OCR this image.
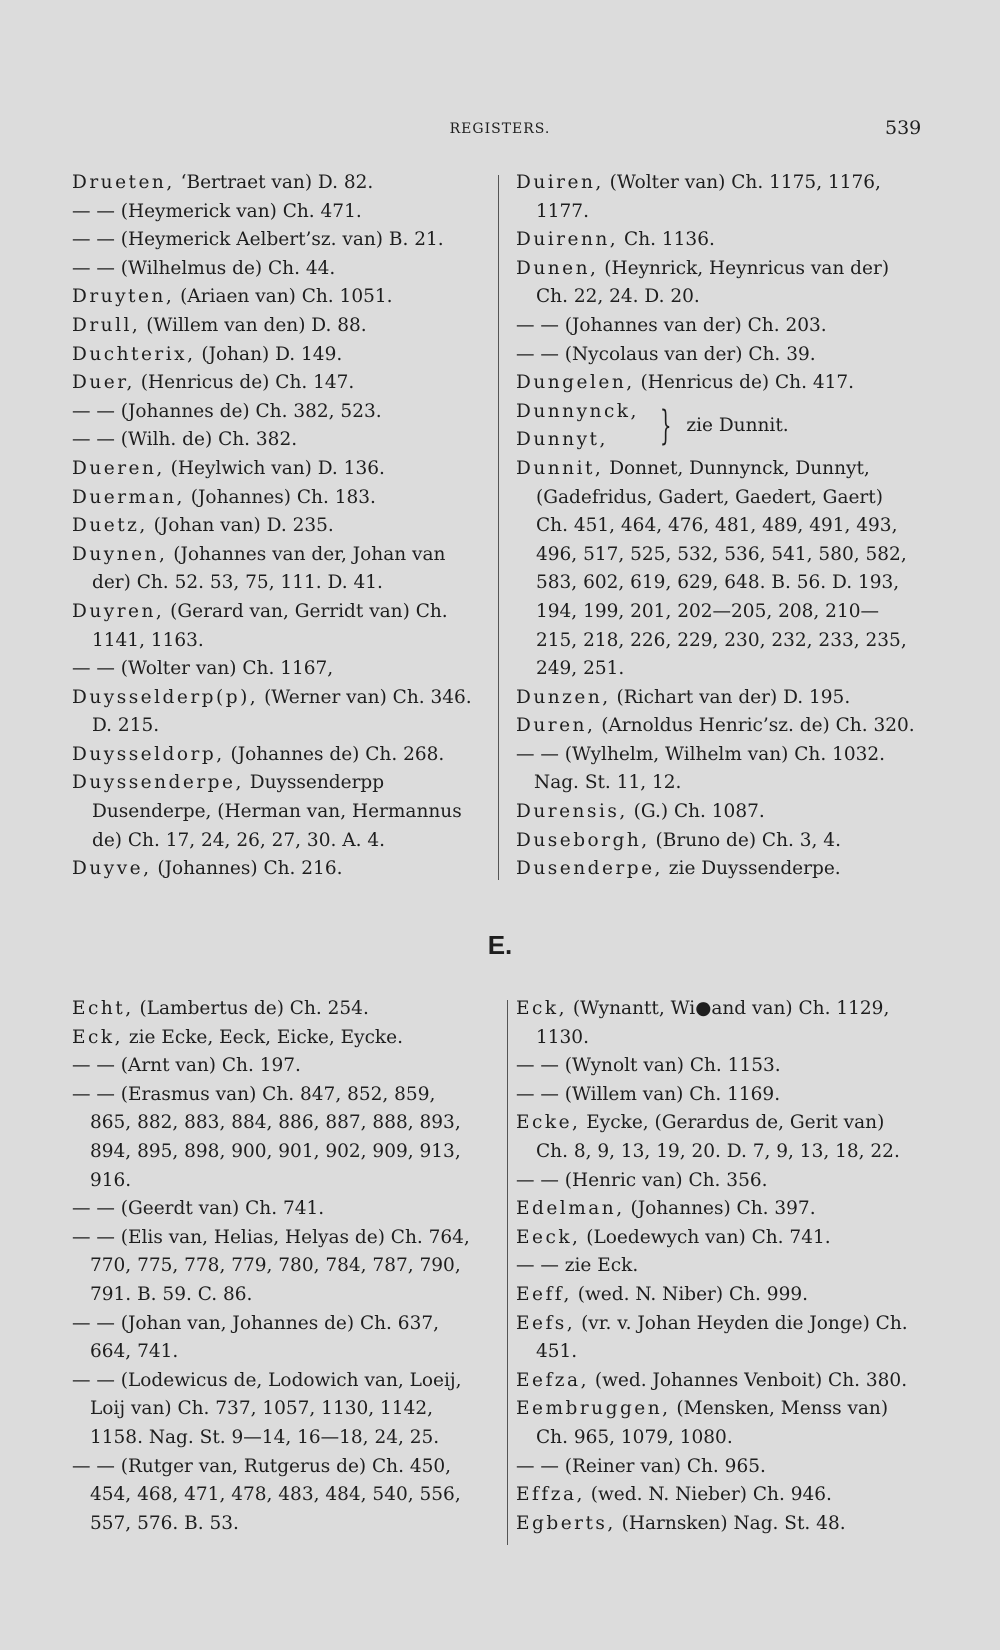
REGISTERS.	539
Drueten, ‘Bertraet van) D. 82.
— — (Heymerick van) Ch. 471.
— — (Heymerick Aelbert’sz. van) B. 21.
— — (Wilhelmus de) Ch. 44.
Druyten, (Ariaen van) Ch. 1051.
Drull, (Willem van den) D. 88.
Duchterix, (Johan) D. 149.
Duer, (Henricus de) Ch. 147.
— — (Johannes de) Ch. 382, 523.
— — (Wilh. de) Ch. 382.
Dueren, (Heylwich van) D. 136.
Duerman, (Johannes) Ch. 183.
Duetz, (Johan van) D. 235.
Duynen, (Johannes van der, Johan van der) Ch. 52. 53, 75, 111. D. 41.
Duyren, (Gerard van, Gerridt van) Ch. 1141, 1163.
— — (Wolter van) Ch. 1167,
Duysselderp(p), (Werner van) Ch. 346. D. 215.
Duysseldorp, (Johannes de) Ch. 268.
Duyssenderpe, Duyssenderpp Dusenderpe, (Herman van, Hermannus de) Ch. 17, 24, 26, 27, 30. A. 4.
Duyve, (Johannes) Ch. 216.
Duiren, (Wolter van) Ch. 1175, 1176, 1177.
Duirenn, Ch. 1136.
Dunen, (Heynrick, Heynricus van der) Ch. 22, 24. D. 20.
— — (Johannes van der) Ch. 203.
— — (Nycolaus van der) Ch. 39.
Dungelen, (Henricus de) Ch. 417.
Dunnynck,
Dunnyt,	} zie Dunnit.
Dunnit, Donnet, Dunnynck, Dunnyt, (Gadefridus, Gadert, Gaedert, Gaert) Ch. 451, 464, 476, 481, 489, 491, 493, 496, 517, 525, 532, 536, 541, 580, 582, 583, 602, 619, 629, 648. B. 56. D. 193, 194, 199, 201, 202—205, 208, 210—215, 218, 226, 229, 230, 232, 233, 235, 249, 251.
Dunzen, (Richart van der) D. 195.
Duren, (Arnoldus Henric’sz. de) Ch. 320.
— — (Wylhelm, Wilhelm van) Ch. 1032. Nag. St. 11, 12.
Durensis, (G.) Ch. 1087.
Duseborgh, (Bruno de) Ch. 3, 4.
Dusenderpe, zie Duyssenderpe.
E.
Echt, (Lambertus de) Ch. 254.
Eck, zie Ecke, Eeck, Eicke, Eycke.
— — (Arnt van) Ch. 197.
— — (Erasmus van) Ch. 847, 852, 859, 865, 882, 883, 884, 886, 887, 888, 893, 894, 895, 898, 900, 901, 902, 909, 913, 916.
— — (Geerdt van) Ch. 741.
— — (Elis van, Helias, Helyas de) Ch. 764, 770, 775, 778, 779, 780, 784, 787, 790, 791. B. 59. C. 86.
— — (Johan van, Johannes de) Ch. 637, 664, 741.
— — (Lodewicus de, Lodowich van, Loeij, Loij van) Ch. 737, 1057, 1130, 1142, 1158. Nag. St. 9—14, 16—18, 24, 25.
— — (Rutger van, Rutgerus de) Ch. 450, 454, 468, 471, 478, 483, 484, 540, 556, 557, 576. B. 53.
Eck, (Wynantt, Wi●and van) Ch. 1129, 1130.
— — (Wynolt van) Ch. 1153.
— — (Willem van) Ch. 1169.
Ecke, Eycke, (Gerardus de, Gerit van) Ch. 8, 9, 13, 19, 20. D. 7, 9, 13, 18, 22.
— — (Henric van) Ch. 356.
Edelman, (Johannes) Ch. 397.
Eeck, (Loedewych van) Ch. 741.
— — zie Eck.
Eeff, (wed. N. Niber) Ch. 999.
Eefs, (vr. v. Johan Heyden die Jonge) Ch. 451.
Eefza, (wed. Johannes Venboit) Ch. 380.
Eembruggen, (Mensken, Menss van) Ch. 965, 1079, 1080.
— — (Reiner van) Ch. 965.
Effza, (wed. N. Nieber) Ch. 946.
Egberts, (Harnsken) Nag. St. 48.
